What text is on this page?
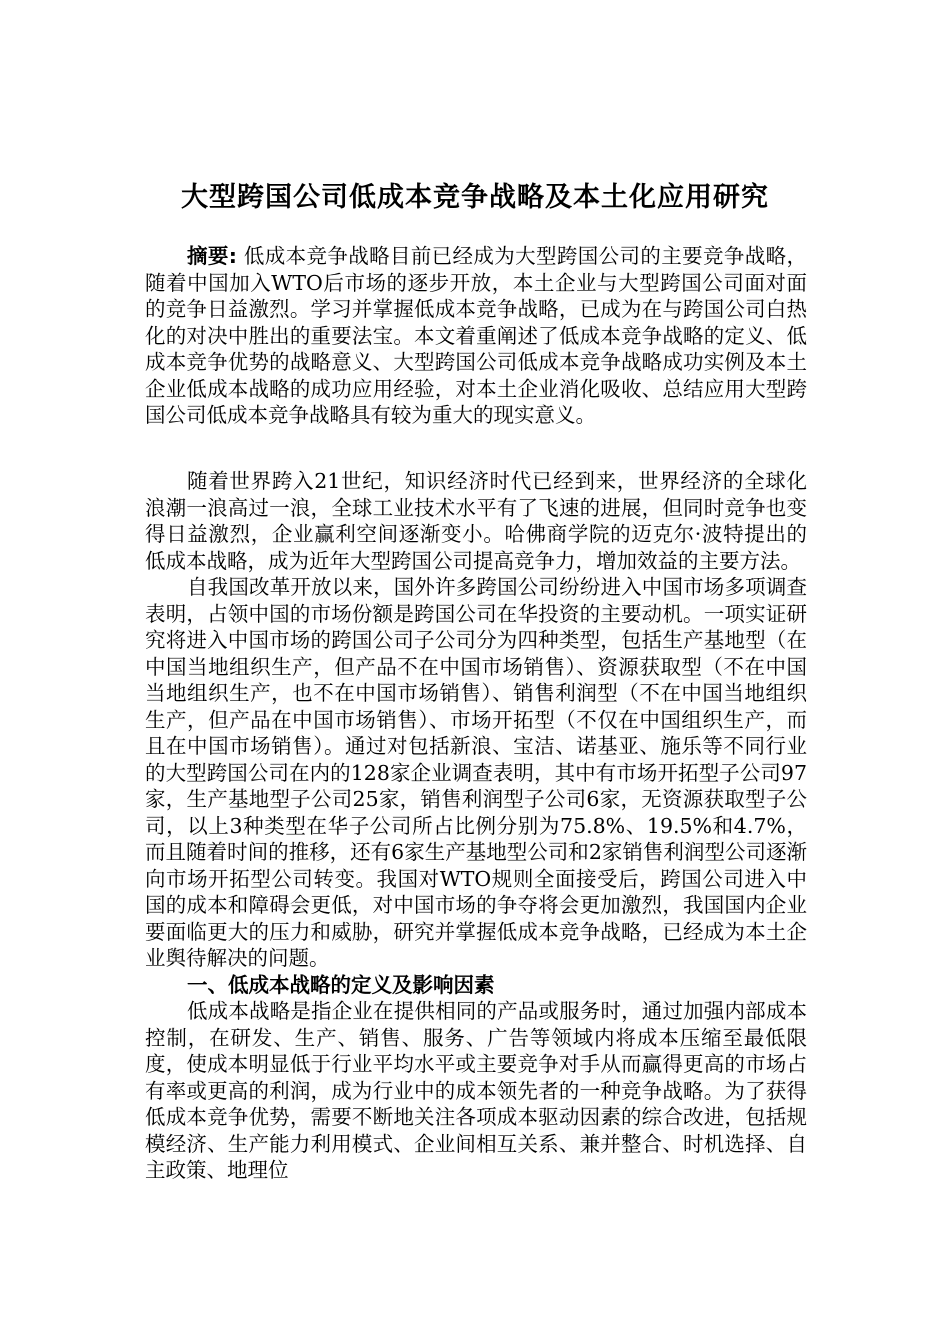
大型跨国公司低成本竞争战略及本土化应用研究

摘要: 低成本竞争战略目前已经成为大型跨国公司的主要竞争战略，随着中国加入WTO后市场的逐步开放，本土企业与大型跨国公司面对面的竞争日益激烈。学习并掌握低成本竞争战略，已成为在与跨国公司白热化的对决中胜出的重要法宝。本文着重阐述了低成本竞争战略的定义、低成本竞争优势的战略意义、大型跨国公司低成本竞争战略成功实例及本土企业低成本战略的成功应用经验，对本土企业消化吸收、总结应用大型跨国公司低成本竞争战略具有较为重大的现实意义。

随着世界跨入21世纪，知识经济时代已经到来，世界经济的全球化浪潮一浪高过一浪，全球工业技术水平有了飞速的进展，但同时竞争也变得日益激烈，企业赢利空间逐渐变小。哈佛商学院的迈克尔·波特提出的低成本战略，成为近年大型跨国公司提高竞争力，增加效益的主要方法。

自我国改革开放以来，国外许多跨国公司纷纷进入中国市场多项调查表明，占领中国的市场份额是跨国公司在华投资的主要动机。一项实证研究将进入中国市场的跨国公司子公司分为四种类型，包括生产基地型（在中国当地组织生产，但产品不在中国市场销售）、资源获取型（不在中国当地组织生产，也不在中国市场销售）、销售利润型（不在中国当地组织生产，但产品在中国市场销售）、市场开拓型（不仅在中国组织生产，而且在中国市场销售）。通过对包括新浪、宝洁、诺基亚、施乐等不同行业的大型跨国公司在内的128家企业调查表明，其中有市场开拓型子公司97家，生产基地型子公司25家，销售利润型子公司6家，无资源获取型子公司，以上3种类型在华子公司所占比例分别为75.8%、19.5%和4.7%，而且随着时间的推移，还有6家生产基地型公司和2家销售利润型公司逐渐向市场开拓型公司转变。我国对WTO规则全面接受后，跨国公司进入中国的成本和障碍会更低，对中国市场的争夺将会更加激烈，我国国内企业要面临更大的压力和威胁，研究并掌握低成本竞争战略，已经成为本土企业舆待解决的问题。

一、低成本战略的定义及影响因素

低成本战略是指企业在提供相同的产品或服务时，通过加强内部成本控制，在研发、生产、销售、服务、广告等领域内将成本压缩至最低限度，使成本明显低于行业平均水平或主要竞争对手从而赢得更高的市场占有率或更高的利润，成为行业中的成本领先者的一种竞争战略。为了获得低成本竞争优势，需要不断地关注各项成本驱动因素的综合改进，包括规模经济、生产能力利用模式、企业间相互关系、兼并整合、时机选择、自主政策、地理位
